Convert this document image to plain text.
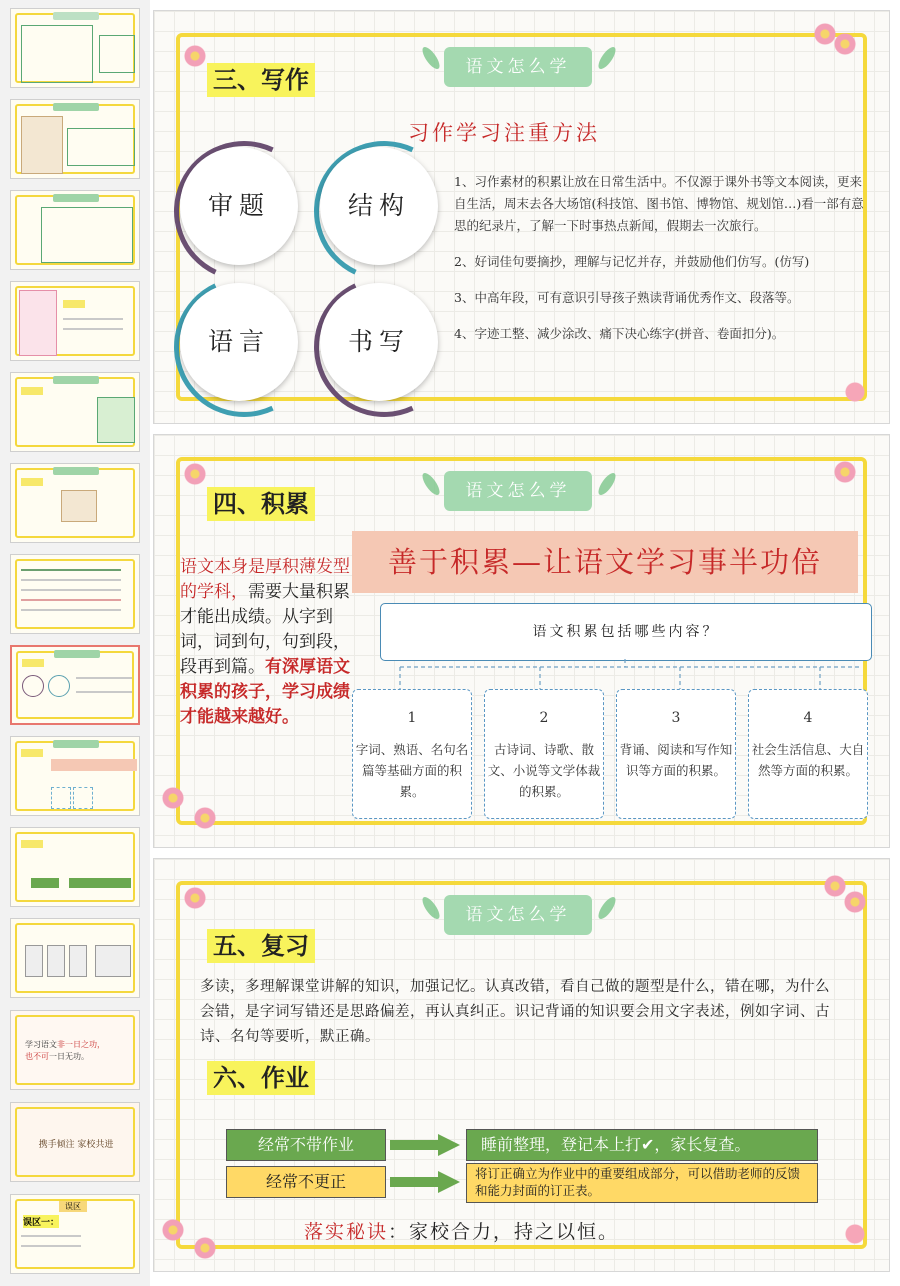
学习语文非一日之功，
也不可一日无功。
携手倾注 家校共进
误区
误区一：
语文怎么学
三、写作
习作学习注重方法
审题	结构
语言	书写

1、习作素材的积累让放在日常生活中。不仅源于课外书等文本阅读，更来自生活，周末去各大场馆(科技馆、图书馆、博物馆、规划馆…)看一部有意思的纪录片，了解一下时事热点新闻，假期去一次旅行。

2、好词佳句要摘抄，理解与记忆并存，并鼓励他们仿写。(仿写)

3、中高年段，可有意识引导孩子熟读背诵优秀作文、段落等。

4、字迹工整、减少涂改、痛下决心练字(拼音、卷面扣分)。

语文怎么学
四、积累
语文本身是厚积薄发型的学科，需要大量积累才能出成绩。从字到词，词到句，句到段，段再到篇。有深厚语文积累的孩子，学习成绩才能越来越好。
善于积累—让语文学习事半功倍
语文积累包括哪些内容？
1
字词、熟语、名句名篇等基础方面的积累。
2
古诗词、诗歌、散文、小说等文学体裁的积累。
3
背诵、阅读和写作知识等方面的积累。
4
社会生活信息、大自然等方面的积累。
语文怎么学
五、复习
多读，多理解课堂讲解的知识，加强记忆。认真改错，看自己做的题型是什么，错在哪，为什么会错，是字词写错还是思路偏差，再认真纠正。识记背诵的知识要会用文字表述，例如字词、古诗、名句等要听，默正确。
六、作业
经常不带作业	睡前整理，登记本上打✔，家长复查。
经常不更正	将订正确立为作业中的重要组成部分，可以借助老师的反馈和能力封面的订正表。
落实秘诀：家校合力，持之以恒。
